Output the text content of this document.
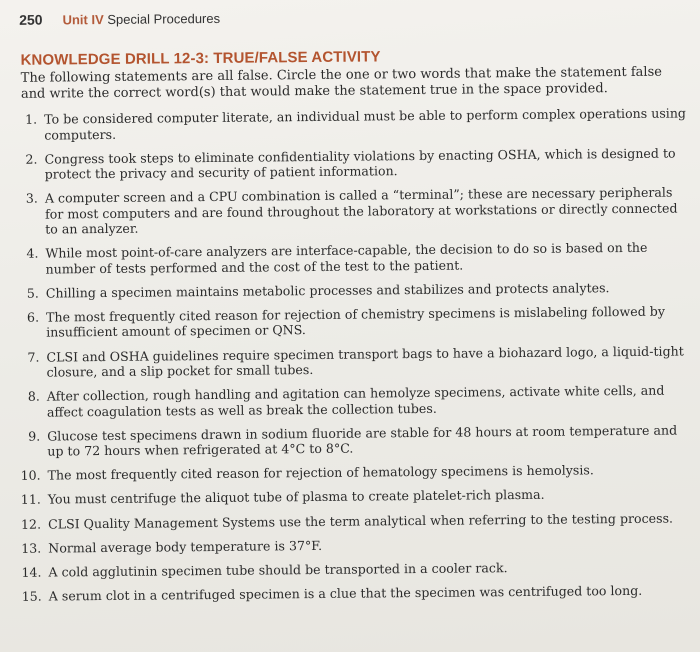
250 Unit IV Special Procedures
KNOWLEDGE DRILL 12-3: TRUE/FALSE ACTIVITY

The following statements are all false. Circle the one or two words that make the statement false and write the correct word(s) that would make the statement true in the space provided.

1. To be considered computer literate, an individual must be able to perform complex operations using computers.
2. Congress took steps to eliminate confidentiality violations by enacting OSHA, which is designed to protect the privacy and security of patient information.
3. A computer screen and a CPU combination is called a “terminal”; these are necessary peripherals for most computers and are found throughout the laboratory at workstations or directly connected to an analyzer.
4. While most point-of-care analyzers are interface-capable, the decision to do so is based on the number of tests performed and the cost of the test to the patient.
5. Chilling a specimen maintains metabolic processes and stabilizes and protects analytes.
6. The most frequently cited reason for rejection of chemistry specimens is mislabeling followed by insufficient amount of specimen or QNS.
7. CLSI and OSHA guidelines require specimen transport bags to have a biohazard logo, a liquid-tight closure, and a slip pocket for small tubes.
8. After collection, rough handling and agitation can hemolyze specimens, activate white cells, and affect coagulation tests as well as break the collection tubes.
9. Glucose test specimens drawn in sodium fluoride are stable for 48 hours at room temperature and up to 72 hours when refrigerated at 4°C to 8°C.
10. The most frequently cited reason for rejection of hematology specimens is hemolysis.
11. You must centrifuge the aliquot tube of plasma to create platelet-rich plasma.
12. CLSI Quality Management Systems use the term analytical when referring to the testing process.
13. Normal average body temperature is 37°F.
14. A cold agglutinin specimen tube should be transported in a cooler rack.
15. A serum clot in a centrifuged specimen is a clue that the specimen was centrifuged too long.
